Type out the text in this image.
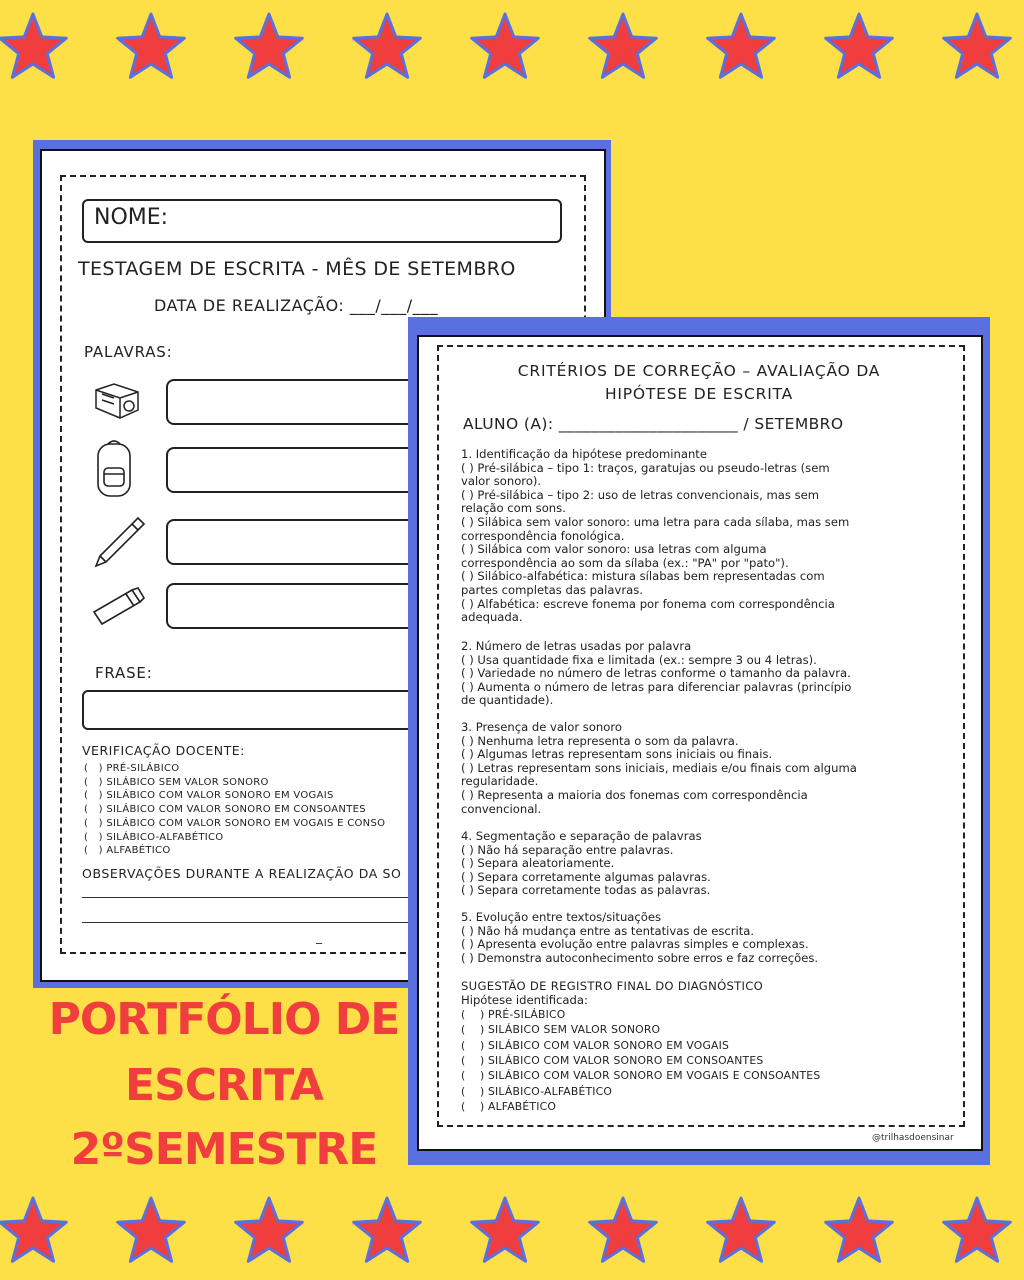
NOME:
TESTAGEM DE ESCRITA - MÊS DE SETEMBRO
DATA DE REALIZAÇÃO: ___/___/___
PALAVRAS:
FRASE:
VERIFICAÇÃO DOCENTE:
(   ) PRÉ-SILÁBICO
(   ) SILÁBICO SEM VALOR SONORO
(   ) SILÁBICO COM VALOR SONORO EM VOGAIS
(   ) SILÁBICO COM VALOR SONORO EM CONSOANTES
(   ) SILÁBICO COM VALOR SONORO EM VOGAIS E CONSO
(   ) SILÁBICO-ALFABÉTICO
(   ) ALFABÉTICO
OBSERVAÇÕES DURANTE A REALIZAÇÃO DA SO
_
CRITÉRIOS DE CORREÇÃO – AVALIAÇÃO DA
HIPÓTESE DE ESCRITA
ALUNO (A): ______________________ / SETEMBRO
1. Identificação da hipótese predominante
( ) Pré-silábica – tipo 1: traços, garatujas ou pseudo-letras (sem
valor sonoro).
( ) Pré-silábica – tipo 2: uso de letras convencionais, mas sem
relação com sons.
( ) Silábica sem valor sonoro: uma letra para cada sílaba, mas sem
correspondência fonológica.
( ) Silábica com valor sonoro: usa letras com alguma
correspondência ao som da sílaba (ex.: "PA" por "pato").
( ) Silábico-alfabética: mistura sílabas bem representadas com
partes completas das palavras.
( ) Alfabética: escreve fonema por fonema com correspondência
adequada.
2. Número de letras usadas por palavra
( ) Usa quantidade fixa e limitada (ex.: sempre 3 ou 4 letras).
( ) Variedade no número de letras conforme o tamanho da palavra.
( ) Aumenta o número de letras para diferenciar palavras (princípio
de quantidade).
3. Presença de valor sonoro
( ) Nenhuma letra representa o som da palavra.
( ) Algumas letras representam sons iniciais ou finais.
( ) Letras representam sons iniciais, mediais e/ou finais com alguma
regularidade.
( ) Representa a maioria dos fonemas com correspondência
convencional.
4. Segmentação e separação de palavras
( ) Não há separação entre palavras.
( ) Separa aleatoriamente.
( ) Separa corretamente algumas palavras.
( ) Separa corretamente todas as palavras.
5. Evolução entre textos/situações
( ) Não há mudança entre as tentativas de escrita.
( ) Apresenta evolução entre palavras simples e complexas.
( ) Demonstra autoconhecimento sobre erros e faz correções.
SUGESTÃO DE REGISTRO FINAL DO DIAGNÓSTICO
Hipótese identificada:
(    ) PRÉ-SILÁBICO
(    ) SILÁBICO SEM VALOR SONORO
(    ) SILÁBICO COM VALOR SONORO EM VOGAIS
(    ) SILÁBICO COM VALOR SONORO EM CONSOANTES
(    ) SILÁBICO COM VALOR SONORO EM VOGAIS E CONSOANTES
(    ) SILÁBICO-ALFABÉTICO
(    ) ALFABÉTICO
@trilhasdoensinar
PORTFÓLIO DE
ESCRITA
2ºSEMESTRE
